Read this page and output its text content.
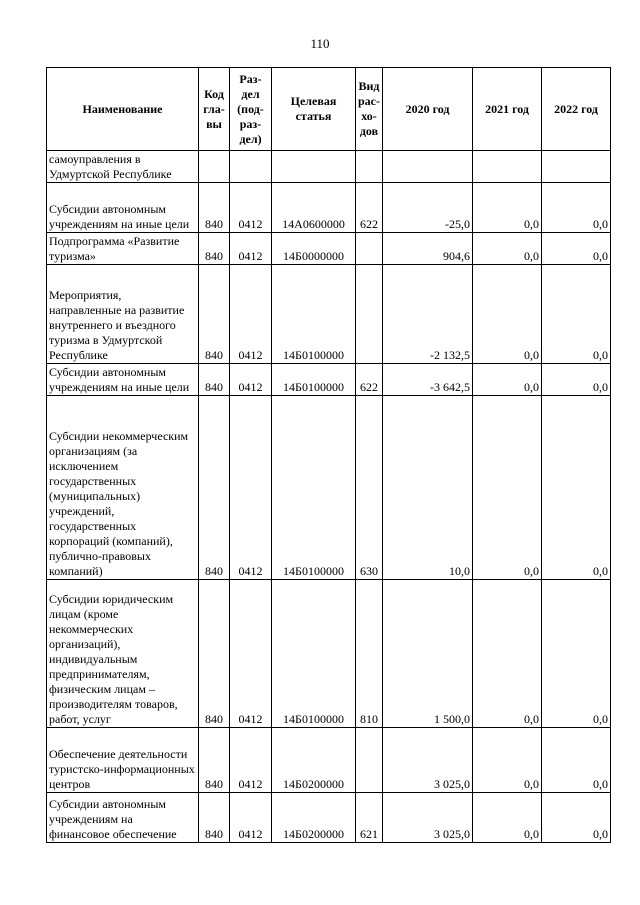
110
Наименование	Код гла-вы	Раз-дел (под-раз-дел)	Целевая статья	Вид рас-хо-дов	2020 год	2021 год	2022 год
самоуправления в Удмуртской Республике							
Субсидии автономным учреждениям на иные цели	840	0412	14А0600000	622	-25,0	0,0	0,0
Подпрограмма «Развитие туризма»	840	0412	14Б0000000		904,6	0,0	0,0
Мероприятия, направленные на развитие внутреннего и въездного туризма в Удмуртской Республике	840	0412	14Б0100000		-2 132,5	0,0	0,0
Субсидии автономным учреждениям на иные цели	840	0412	14Б0100000	622	-3 642,5	0,0	0,0
Субсидии некоммерческим организациям (за исключением государственных (муниципальных) учреждений, государственных корпораций (компаний), публично-правовых компаний)	840	0412	14Б0100000	630	10,0	0,0	0,0
Субсидии юридическим лицам (кроме некоммерческих организаций), индивидуальным предпринимателям, физическим лицам – производителям товаров, работ, услуг	840	0412	14Б0100000	810	1 500,0	0,0	0,0
Обеспечение деятельности туристско-информационных центров	840	0412	14Б0200000		3 025,0	0,0	0,0
Субсидии автономным учреждениям на финансовое обеспечение	840	0412	14Б0200000	621	3 025,0	0,0	0,0
